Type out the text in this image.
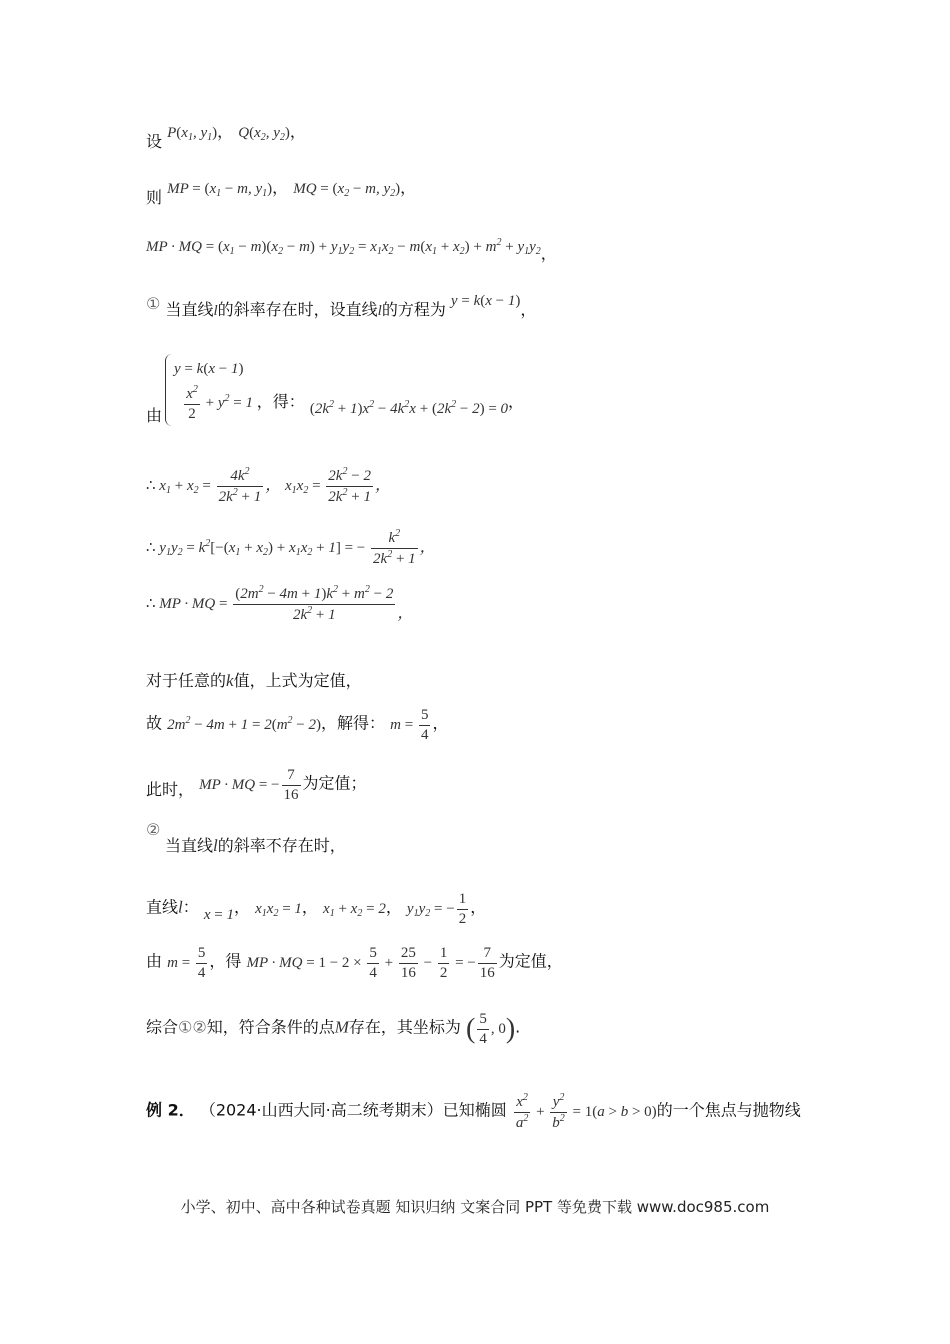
设 $P(x_1$, $y_1$)， $Q(x_2$, $y_2$)，
则 MP = ($x_1 - m$, $y_1$)， MQ = ($x_2 - m$, $y_2$)，
MP · MQ = $(x_1 - m)(x_2 - m) + y_1y_2 = x_1x_2 - m(x_1 + x_2) + m^2 + y_1y_2$，
① 当直线l的斜率存在时，设直线l的方程为 y = k(x − 1)，
y = k(x − 1)
由 $\frac{x^2}{2} + y^2 = 1$ ，得： $(2k^2 + 1)x^2 - 4k^2x + (2k^2 - 2) = 0$，
∴ $x_1 + x_2 = \frac{4k^2}{2k^2 + 1}$ ， $x_1x_2 = \frac{2k^2 - 2}{2k^2 + 1}$ ，
∴ $y_1y_2 = k^2[-(x_1 + x_2) + x_1x_2 + 1]$ = − $\frac{k^2}{2k^2 + 1}$ ，
∴ MP · MQ = $\frac{(2m^2 - 4m + 1)k^2 + m^2 - 2}{2k^2 + 1}$ ，
对于任意的k值，上式为定值，
故 $2m^2 - 4m + 1 = 2(m^2 - 2)$，解得： $m = \frac{5}{4}$ ，
此时， MP · MQ = − $\frac{7}{16}$ 为定值；
②
当直线l的斜率不存在时，
直线l： x = 1， $x_1x_2 = 1$， $x_1 + x_2 = 2$， $y_1y_2$ = − $\frac{1}{2}$ ，
由 $m = \frac{5}{4}$ ，得 MP · MQ = $1 - 2 \times \frac{5}{4} + \frac{25}{16} - \frac{1}{2}$ = − $\frac{7}{16}$ 为定值，
综合①②知，符合条件的点M存在，其坐标为 ( $\frac{5}{4}$ , 0).
例 2． （2024·山西大同·高二统考期末）已知椭圆 $\frac{x^2}{a^2} + \frac{y^2}{b^2} = 1(a > b > 0)$的一个焦点与抛物线
小学、初中、高中各种试卷真题 知识归纳 文案合同 PPT 等免费下载 www.doc985.com
